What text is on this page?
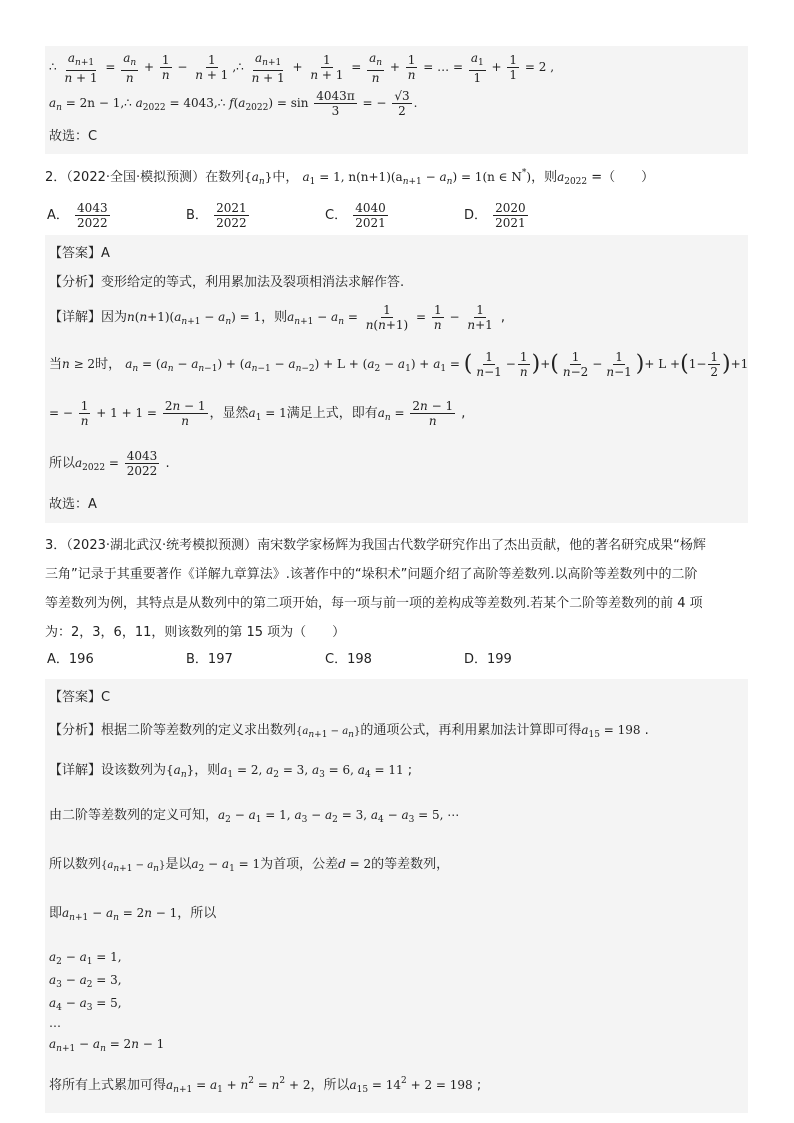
∴ $\frac{a_{n+1}}{n + 1} = \frac{a_n}{n} + \frac{1}{n} - \frac{1}{n + 1}$ ,∴ $\frac{a_{n+1}}{n + 1} + \frac{1}{n + 1} = \frac{a_n}{n} + \frac{1}{n}$ = … = $\frac{a_1}{1} + \frac{1}{1} = 2$ ,
$a_n = 2n$ − 1,∴ $a_{2022}$ = 4043,∴ $f(a_{2022}) = \sin \frac{4043\pi}{3}$ = − $\frac{√3}{2}$ .
故选：C
2．（2022·全国·模拟预测）在数列$\{a_n\}$中， $a_1 = 1$, $n(n+1)(a_{n+1} - a_n) = 1(n$ ∈ N*)，则$a_{2022}$ =（　　）
A． $\frac{4043}{2022}$	B． $\frac{2021}{2022}$	C． $\frac{4040}{2021}$	D． $\frac{2020}{2021}$
【答案】A
【分析】变形给定的等式，利用累加法及裂项相消法求解作答.
【详解】因为$n(n+1)(a_{n+1} - a_n) = 1$，则$a_{n+1} - a_n = \frac{1}{n(n+1)} = \frac{1}{n} - \frac{1}{n+1}$ ,
当n ≥ 2时， $a_n = (a_n - a_{n-1}) + (a_{n-1} - a_{n-2}) + L + (a_2 - a_1) + a_1$ = ( $\frac{1}{n-1} - \frac{1}{n}$ )+( $\frac{1}{n-2} - \frac{1}{n-1}$ )+ $L +(1- \frac{1}{2} )+1$
= − $\frac{1}{n} + 1 + 1 = \frac{2n - 1}{n}$ ，显然$a_1 = 1$满足上式，即有$a_n = \frac{2n - 1}{n}$ ,
所以$a_{2022} = \frac{4043}{2022}$ .
故选：A
3．（2023·湖北武汉·统考模拟预测）南宋数学家杨辉为我国古代数学研究作出了杰出贡献，他的著名研究成果“杨辉
三角”记录于其重要著作《详解九章算法》.该著作中的“垛积术”问题介绍了高阶等差数列.以高阶等差数列中的二阶
等差数列为例，其特点是从数列中的第二项开始，每一项与前一项的差构成等差数列.若某个二阶等差数列的前 4 项
为：2，3，6，11，则该数列的第 15 项为（　　）
A．196	B．197	C．198	D．199
【答案】C
【分析】根据二阶等差数列的定义求出数列{an+1 − an}的通项公式，再利用累加法计算即可得$a_{15} = 198$ .
【详解】设该数列为$\{a_n\}$，则$a_1 = 2$, $a_2 = 3$, $a_3 = 6$, $a_4 = 11$ ;
由二阶等差数列的定义可知，$a_2 - a_1 = 1$, $a_3 - a_2 = 3$, $a_4 - a_3 = 5$, ⋯
所以数列{an+1 − an}是以$a_2 - a_1 = 1$为首项，公差d = 2的等差数列，
即$a_{n+1} - a_n = 2n - 1$，所以
$a_2 - a_1 = 1$,
$a_3 - a_2 = 3$,
$a_4 - a_3 = 5$,
⋯
$a_{n+1} - a_n = 2n - 1$
将所有上式累加可得$a_{n+1} = a_1 + n^2 = n^2 + 2$，所以$a_{15} = 14^2 + 2 = 198$ ;
